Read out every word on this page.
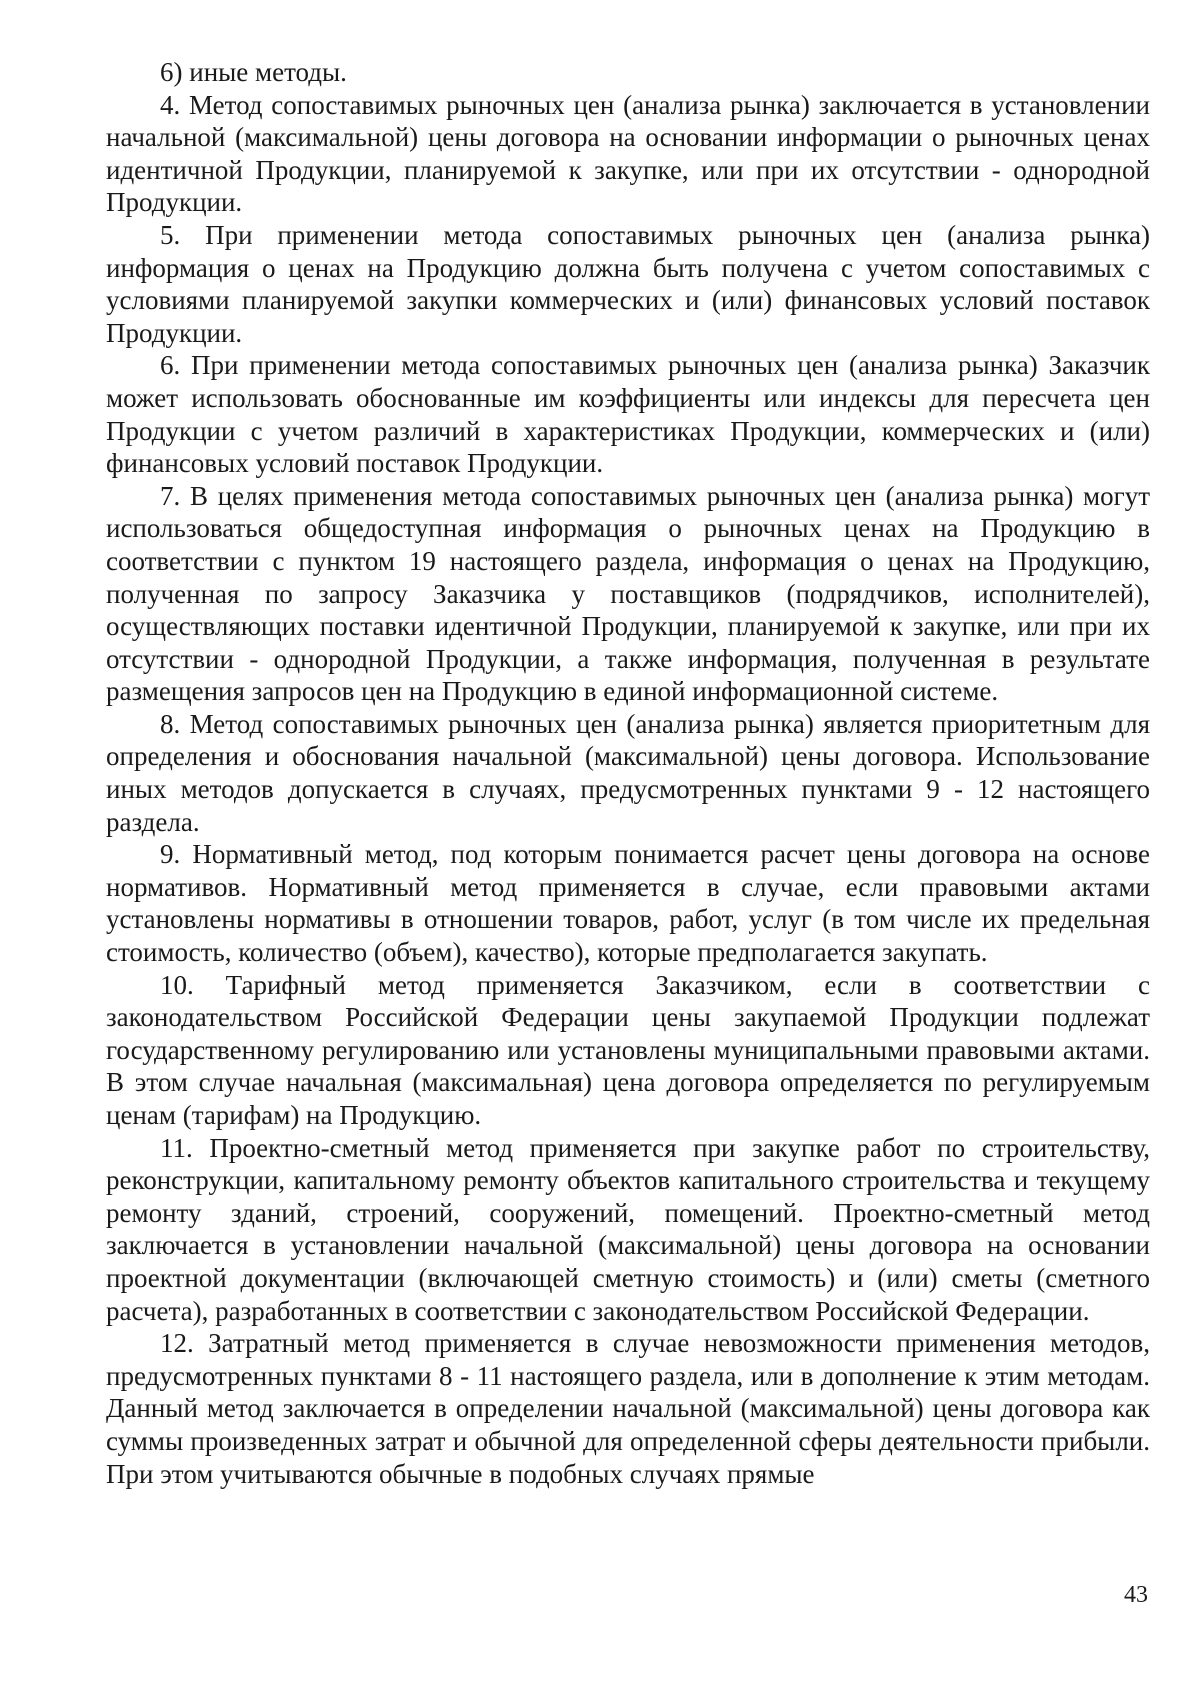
6) иные методы.

4. Метод сопоставимых рыночных цен (анализа рынка) заключается в установлении начальной (максимальной) цены договора на основании информации о рыночных ценах идентичной Продукции, планируемой к закупке, или при их отсутствии - однородной Продукции.

5. При применении метода сопоставимых рыночных цен (анализа рынка) информация о ценах на Продукцию должна быть получена с учетом сопоставимых с условиями планируемой закупки коммерческих и (или) финансовых условий поставок Продукции.

6. При применении метода сопоставимых рыночных цен (анализа рынка) Заказчик может использовать обоснованные им коэффициенты или индексы для пересчета цен Продукции с учетом различий в характеристиках Продукции, коммерческих и (или) финансовых условий поставок Продукции.

7. В целях применения метода сопоставимых рыночных цен (анализа рынка) могут использоваться общедоступная информация о рыночных ценах на Продукцию в соответствии с пунктом 19 настоящего раздела, информация о ценах на Продукцию, полученная по запросу Заказчика у поставщиков (подрядчиков, исполнителей), осуществляющих поставки идентичной Продукции, планируемой к закупке, или при их отсутствии - однородной Продукции, а также информация, полученная в результате размещения запросов цен на Продукцию в единой информационной системе.

8. Метод сопоставимых рыночных цен (анализа рынка) является приоритетным для определения и обоснования начальной (максимальной) цены договора. Использование иных методов допускается в случаях, предусмотренных пунктами 9 - 12 настоящего раздела.

9. Нормативный метод, под которым понимается расчет цены договора на основе нормативов. Нормативный метод применяется в случае, если правовыми актами установлены нормативы в отношении товаров, работ, услуг (в том числе их предельная стоимость, количество (объем), качество), которые предполагается закупать.

10. Тарифный метод применяется Заказчиком, если в соответствии с законодательством Российской Федерации цены закупаемой Продукции подлежат государственному регулированию или установлены муниципальными правовыми актами. В этом случае начальная (максимальная) цена договора определяется по регулируемым ценам (тарифам) на Продукцию.

11. Проектно-сметный метод применяется при закупке работ по строительству, реконструкции, капитальному ремонту объектов капитального строительства и текущему ремонту зданий, строений, сооружений, помещений. Проектно-сметный метод заключается в установлении начальной (максимальной) цены договора на основании проектной документации (включающей сметную стоимость) и (или) сметы (сметного расчета), разработанных в соответствии с законодательством Российской Федерации.

12. Затратный метод применяется в случае невозможности применения методов, предусмотренных пунктами 8 - 11 настоящего раздела, или в дополнение к этим методам. Данный метод заключается в определении начальной (максимальной) цены договора как суммы произведенных затрат и обычной для определенной сферы деятельности прибыли. При этом учитываются обычные в подобных случаях прямые

43
